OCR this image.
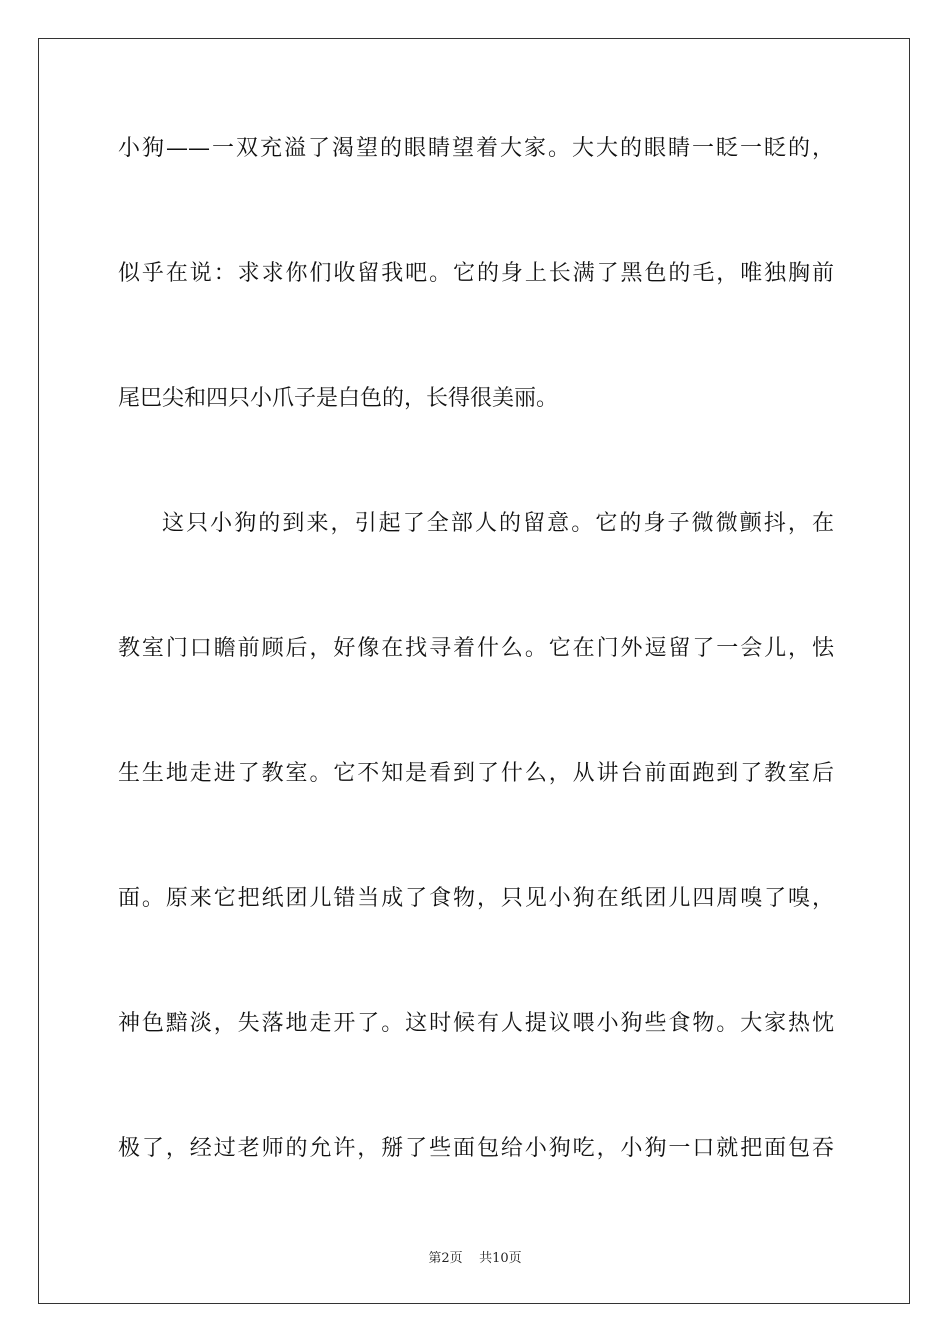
小狗——一双充溢了渴望的眼睛望着大家。大大的眼睛一眨一眨的，
似乎在说：求求你们收留我吧。它的身上长满了黑色的毛，唯独胸前
尾巴尖和四只小爪子是白色的，长得很美丽。
这只小狗的到来，引起了全部人的留意。它的身子微微颤抖，在
教室门口瞻前顾后，好像在找寻着什么。它在门外逗留了一会儿，怯
生生地走进了教室。它不知是看到了什么，从讲台前面跑到了教室后
面。原来它把纸团儿错当成了食物，只见小狗在纸团儿四周嗅了嗅，
神色黯淡，失落地走开了。这时候有人提议喂小狗些食物。大家热忱
极了，经过老师的允许，掰了些面包给小狗吃，小狗一口就把面包吞
第2页 共10页
